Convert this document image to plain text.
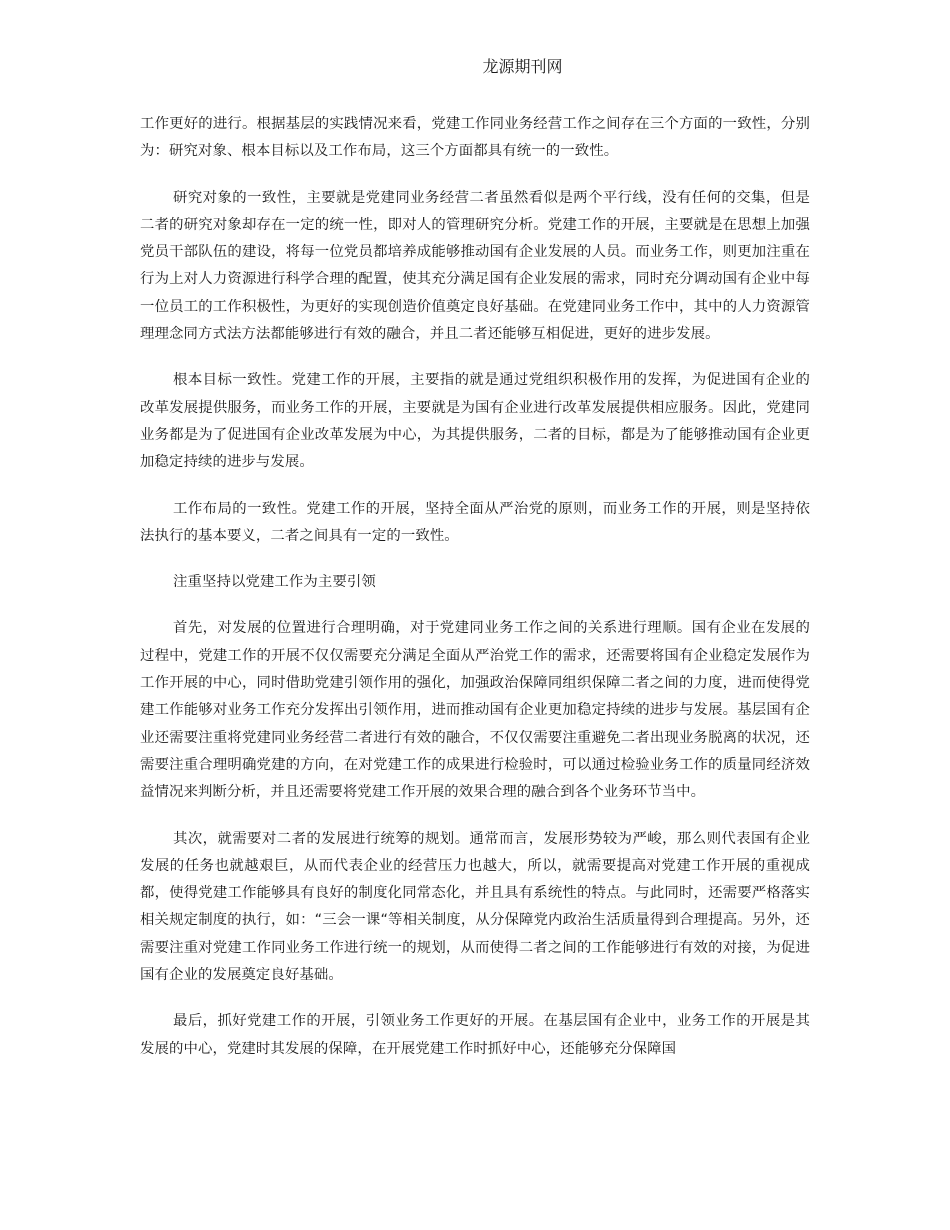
龙源期刊网

工作更好的进行。根据基层的实践情况来看，党建工作同业务经营工作之间存在三个方面的一致性，分别为：研究对象、根本目标以及工作布局，这三个方面都具有统一的一致性。

研究对象的一致性，主要就是党建同业务经营二者虽然看似是两个平行线，没有任何的交集，但是二者的研究对象却存在一定的统一性，即对人的管理研究分析。党建工作的开展，主要就是在思想上加强党员干部队伍的建设，将每一位党员都培养成能够推动国有企业发展的人员。而业务工作，则更加注重在行为上对人力资源进行科学合理的配置，使其充分满足国有企业发展的需求，同时充分调动国有企业中每一位员工的工作积极性，为更好的实现创造价值奠定良好基础。在党建同业务工作中，其中的人力资源管理理念同方式法方法都能够进行有效的融合，并且二者还能够互相促进，更好的进步发展。

根本目标一致性。党建工作的开展，主要指的就是通过党组织积极作用的发挥，为促进国有企业的改革发展提供服务，而业务工作的开展，主要就是为国有企业进行改革发展提供相应服务。因此，党建同业务都是为了促进国有企业改革发展为中心，为其提供服务，二者的目标，都是为了能够推动国有企业更加稳定持续的进步与发展。

工作布局的一致性。党建工作的开展，坚持全面从严治党的原则，而业务工作的开展，则是坚持依法执行的基本要义，二者之间具有一定的一致性。

注重坚持以党建工作为主要引领

首先，对发展的位置进行合理明确，对于党建同业务工作之间的关系进行理顺。国有企业在发展的过程中，党建工作的开展不仅仅需要充分满足全面从严治党工作的需求，还需要将国有企业稳定发展作为工作开展的中心，同时借助党建引领作用的强化，加强政治保障同组织保障二者之间的力度，进而使得党建工作能够对业务工作充分发挥出引领作用，进而推动国有企业更加稳定持续的进步与发展。基层国有企业还需要注重将党建同业务经营二者进行有效的融合，不仅仅需要注重避免二者出现业务脱离的状况，还需要注重合理明确党建的方向，在对党建工作的成果进行检验时，可以通过检验业务工作的质量同经济效益情况来判断分析，并且还需要将党建工作开展的效果合理的融合到各个业务环节当中。

其次，就需要对二者的发展进行统筹的规划。通常而言，发展形势较为严峻，那么则代表国有企业发展的任务也就越艰巨，从而代表企业的经营压力也越大，所以，就需要提高对党建工作开展的重视成都，使得党建工作能够具有良好的制度化同常态化，并且具有系统性的特点。与此同时，还需要严格落实相关规定制度的执行，如：“三会一课“等相关制度，从分保障党内政治生活质量得到合理提高。另外，还需要注重对党建工作同业务工作进行统一的规划，从而使得二者之间的工作能够进行有效的对接，为促进国有企业的发展奠定良好基础。

最后，抓好党建工作的开展，引领业务工作更好的开展。在基层国有企业中，业务工作的开展是其发展的中心，党建时其发展的保障，在开展党建工作时抓好中心，还能够充分保障国
